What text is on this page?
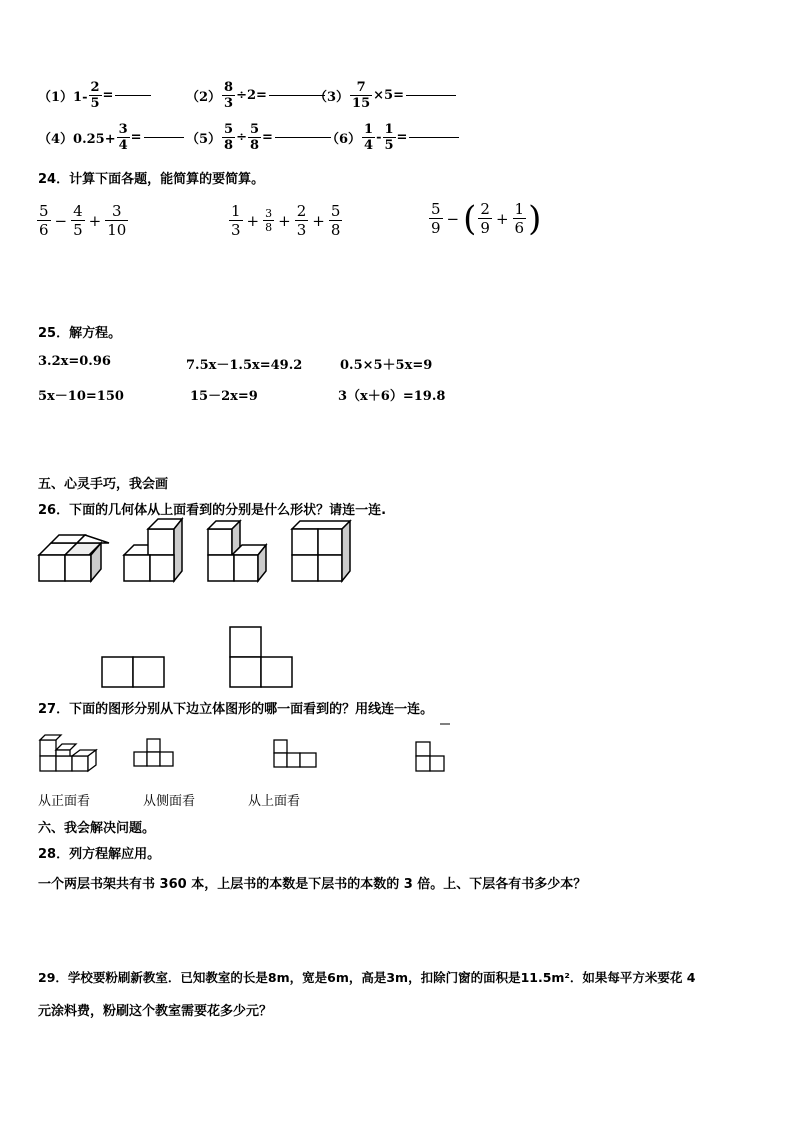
$(1)1- \frac{2}{5}$ =	$(2) \frac{8}{3} \div 2=$	$(3) \frac{7}{15} \times 5=$
$(4)0.25+ \frac{3}{4}$ =	$(5) \frac{5}{8} \div \frac{5}{8}$ =	$(6) \frac{1}{4} - \frac{1}{5}$ =
24．计算下面各题，能简算的要简算。
$\frac{5}{6} - \frac{4}{5} + \frac{3}{10}$	$\frac{1}{3} + \frac{3}{8} + \frac{2}{3} + \frac{5}{8}$	$\frac{5}{9}$ − ( $\frac{2}{9} + \frac{1}{6}$ )
25．解方程。
3.2x=0.96	7.5x－1.5x=49.2	0.5×5＋5x=9
5x－10=150	15－2x=9	3（x＋6）=19.8
五、心灵手巧，我会画
26．下面的几何体从上面看到的分别是什么形状？请连一连.
27．下面的图形分别从下边立体图形的哪一面看到的？用线连一连。
从正面看	从侧面看	从上面看
六、我会解决问题。
28．列方程解应用。
一个两层书架共有书 360 本，上层书的本数是下层书的本数的 3 倍。上、下层各有书多少本？
29．学校要粉刷新教室．已知教室的长是8m，宽是6m，高是3m，扣除门窗的面积是11.5m²．如果每平方米要花 4
元涂料费，粉刷这个教室需要花多少元？
